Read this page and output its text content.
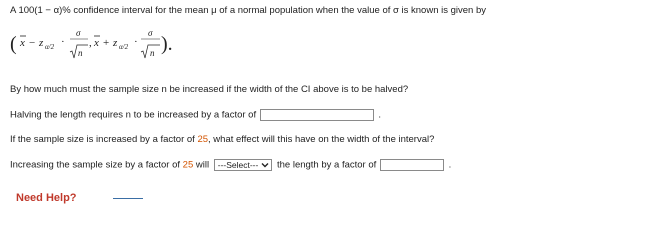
A 100(1 − α)% confidence interval for the mean μ of a normal population when the value of σ is known is given by
( x − z α/2 ·
σ
n
, x + z α/2 ·
σ
n ).
By how much must the sample size n be increased if the width of the CI above is to be halved?
Halving the length requires n to be increased by a factor of	.
If the sample size is increased by a factor of 25, what effect will this have on the width of the interval?
Increasing the sample size by a factor of 25 will ---Select--- the length by a factor of	.
Need Help?
